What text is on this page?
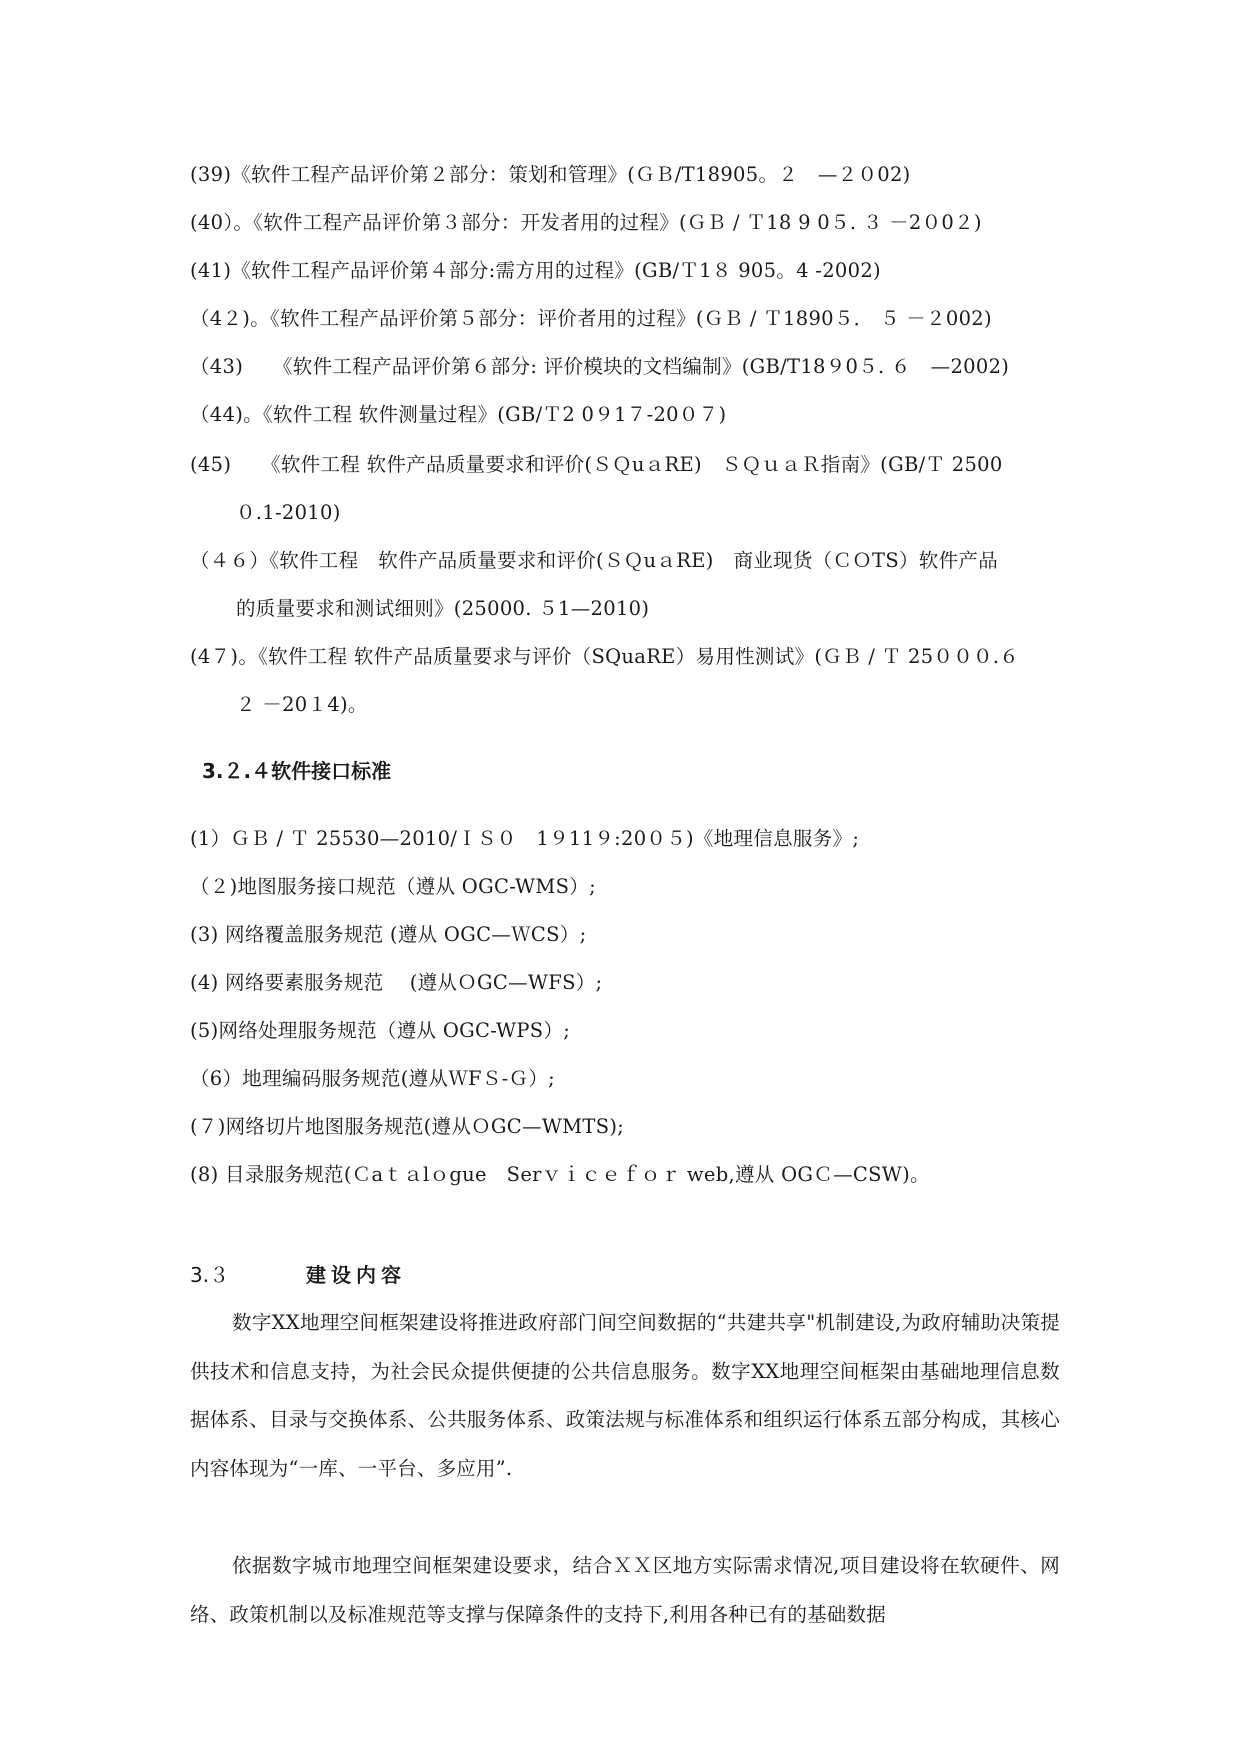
(39)《软件工程产品评价第２部分：策划和管理》(ＧＢ/T18905。２　—２０02)
(40）。《软件工程产品评价第３部分：开发者用的过程》(ＧＢ / Ｔ18 9 0５. ３ －2０0２)
(41)《软件工程产品评价第４部分:需方用的过程》(GB/Ｔ1８ 905。4 -2002)
（4２)。《软件工程产品评价第５部分：评价者用的过程》(ＧＢ / Ｔ1890５． ５ －２002)
（43)　　《软件工程产品评价第６部分: 评价模块的文档编制》(GB/T18９0５. ６　—2002)
（44)。《软件工程 软件测量过程》(GB/Ｔ2 0９1７-20０７)
(45)　　《软件工程 软件产品质量要求和评价(ＳＱuａRE)　ＳＱｕａＲ指南》(GB/Ｔ 2500
０.1-2010)
（４６）《软件工程　软件产品质量要求和评价(ＳＱuａRE)　商业现货（ＣＯTS）软件产品
的质量要求和测试细则》(25000. ５1—2010)
(4７)。《软件工程 软件产品质量要求与评价（SQuaRE）易用性测试》(ＧＢ / Ｔ 25０００.６
２ －20１4)。
3.２.４软件接口标准
(1）ＧＢ / Ｔ 25530—2010/ＩＳ０　1９11９:20０５)《地理信息服务》;
（２)地图服务接口规范（遵从 OGC-WMS）;
(3) 网络覆盖服务规范 (遵从 OGC—ＷCS）;
(4) 网络要素服务规范　 (遵从ＯGC—WFS）;
(5)网络处理服务规范（遵从 OGC-WPS）;
（6）地理编码服务规范(遵从ＷFＳ-Ｇ）;
(７)网络切片地图服务规范(遵从ＯGC—WMTS);
(8) 目录服务规范(Ｃaｔａlｏgue　Serｖｉｃｅｆｏｒ web,遵从 OGＣ—CSW)。
3.３	建设内容
数字XX地理空间框架建设将推进政府部门间空间数据的“共建共享"机制建设,为政府辅助决策提供技术和信息支持，为社会民众提供便捷的公共信息服务。数字XX地理空间框架由基础地理信息数据体系、目录与交换体系、公共服务体系、政策法规与标准体系和组织运行体系五部分构成，其核心内容体现为“一库、一平台、多应用”.
依据数字城市地理空间框架建设要求，结合ＸＸ区地方实际需求情况,项目建设将在软硬件、网络、政策机制以及标准规范等支撑与保障条件的支持下,利用各种已有的基础数据
